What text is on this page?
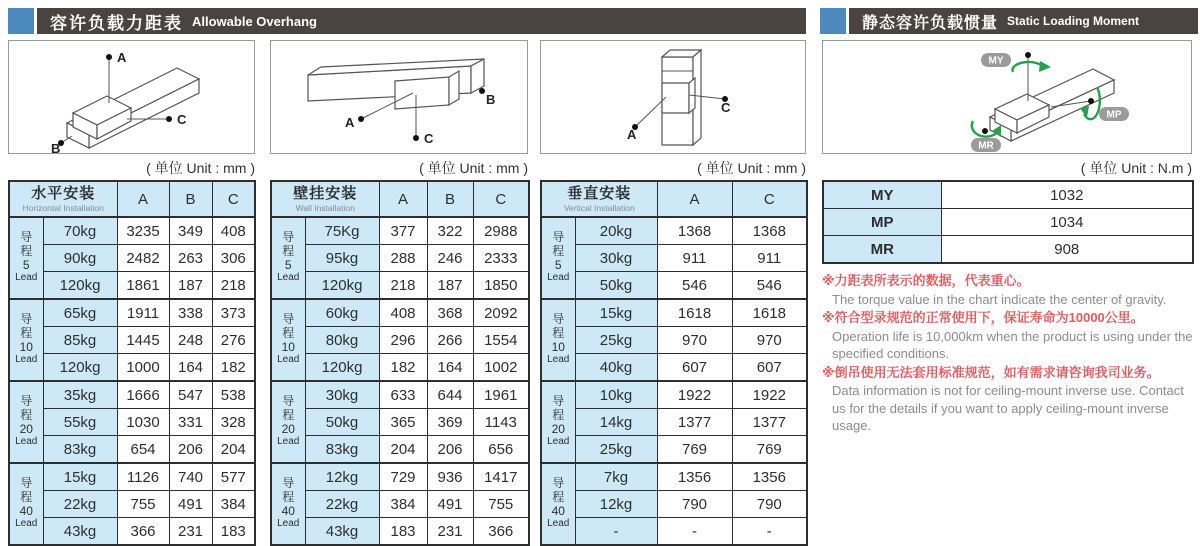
容许负载力距表 Allowable Overhang	静态容许负载惯量 Static Loading Moment
A
C
B
A
C
B
A
C
MY
MP
MR
( 单位 Unit : mm )	( 单位 Unit : mm )	( 单位 Unit : mm )	( 单位 Unit : N.m )
水平安装
Horizontal Installation		A	B	C

导
程
5
Lead	70kg	3235	349	408
	90kg	2482	263	306
	120kg	1861	187	218

导
程
10
Lead	65kg	1911	338	373
	85kg	1445	248	276
	120kg	1000	164	182

导
程
20
Lead	35kg	1666	547	538
	55kg	1030	331	328
	83kg	654	206	204

导
程
40
Lead	15kg	1126	740	577
	22kg	755	491	384
	43kg	366	231	183
壁挂安装
Wall Installation		A	B	C

导
程
5
Lead	75Kg	377	322	2988
	95kg	288	246	2333
	120kg	218	187	1850

导
程
10
Lead	60kg	408	368	2092
	80kg	296	266	1554
	120kg	182	164	1002

导
程
20
Lead	30kg	633	644	1961
	50kg	365	369	1143
	83kg	204	206	656

导
程
40
Lead	12kg	729	936	1417
	22kg	384	491	755
	43kg	183	231	366
垂直安装
Vertical Installation		A	C

导
程
5
Lead	20kg	1368	1368
	30kg	911	911
	50kg	546	546

导
程
10
Lead	15kg	1618	1618
	25kg	970	970
	40kg	607	607

导
程
20
Lead	10kg	1922	1922
	14kg	1377	1377
	25kg	769	769

导
程
40
Lead	7kg	1356	1356
	12kg	790	790
	-	-	-
MY	1032
MP	1034
MR	908
※力距表所表示的数据，代表重心。
The torque value in the chart indicate the center of gravity.
※符合型录规范的正常使用下，保证寿命为10000公里。
Operation life is 10,000km when the product is using under the specified conditions.
※倒吊使用无法套用标准规范，如有需求请咨询我司业务。
Data information is not for ceiling-mount inverse use. Contact us for the details if you want to apply ceiling-mount inverse usage.
